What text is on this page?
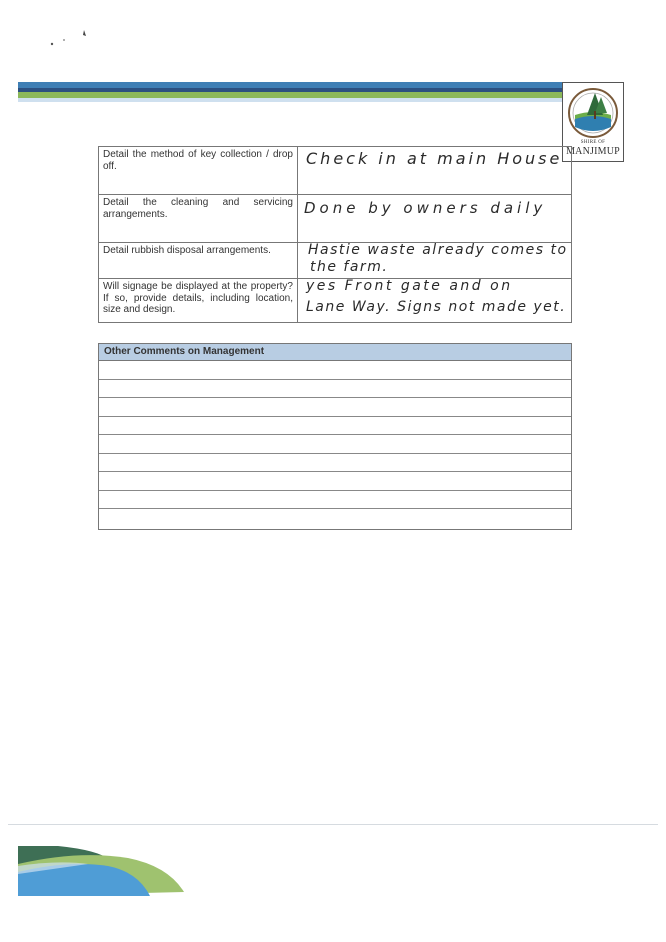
SHIRE OF
MANJIMUP
Detail the method of key collection / drop off.	Check in at main House

Detail the cleaning and servicing arrangements.	Done by owners daily

Detail rubbish disposal arrangements.	Hastie waste already comes to
the farm.

Will signage be displayed at the property? If so, provide details, including location, size and design.	yes Front gate and on
Lane Way. Signs not made yet.
Other Comments on Management
